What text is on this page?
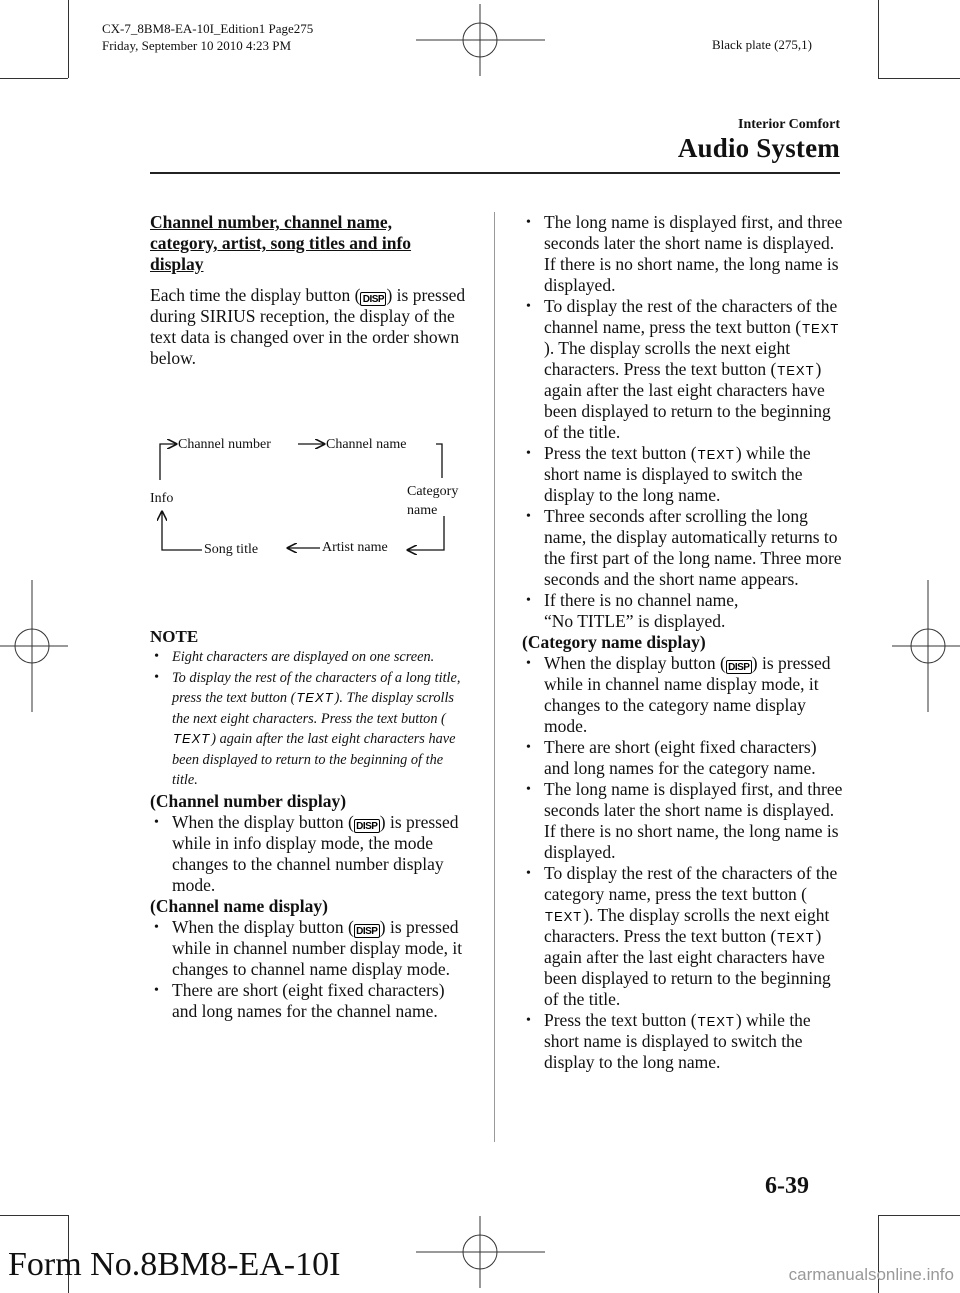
CX-7_8BM8-EA-10I_Edition1 Page275
Friday, September 10 2010 4:23 PM	Black plate (275,1)
Interior Comfort
Audio System
Channel number, channel name,
category, artist, song titles and info
display

Each time the display button ( DISP ) is pressed during SIRIUS reception, the display of the text data is changed over in the order shown below.

Channel number	Channel name
Category
name
Artist name
Song title
Info
NOTE
• Eight characters are displayed on one screen.
• To display the rest of the characters of a long title, press the text button (TEXT). The display scrolls the next eight characters. Press the text button (TEXT) again after the last eight characters have been displayed to return to the beginning of the title.

(Channel number display)

• When the display button ( DISP ) is pressed while in info display mode, the mode changes to the channel number display mode.

(Channel name display)

• When the display button ( DISP ) is pressed while in channel number display mode, it changes to channel name display mode.
• There are short (eight fixed characters) and long names for the channel name.
• The long name is displayed first, and three seconds later the short name is displayed. If there is no short name, the long name is displayed.
• To display the rest of the characters of the channel name, press the text button (TEXT). The display scrolls the next eight characters. Press the text button (TEXT) again after the last eight characters have been displayed to return to the beginning of the title.
• Press the text button (TEXT) while the short name is displayed to switch the display to the long name.
• Three seconds after scrolling the long name, the display automatically returns to the first part of the long name. Three more seconds and the short name appears.
• If there is no channel name,
“No TITLE” is displayed.

(Category name display)

• When the display button ( DISP ) is pressed while in channel name display mode, it changes to the category name display mode.
• There are short (eight fixed characters) and long names for the category name.
• The long name is displayed first, and three seconds later the short name is displayed. If there is no short name, the long name is displayed.
• To display the rest of the characters of the category name, press the text button (TEXT). The display scrolls the next eight characters. Press the text button (TEXT) again after the last eight characters have been displayed to return to the beginning of the title.
• Press the text button (TEXT) while the short name is displayed to switch the display to the long name.
6-39
Form No.8BM8-EA-10I	carmanualsonline.info
